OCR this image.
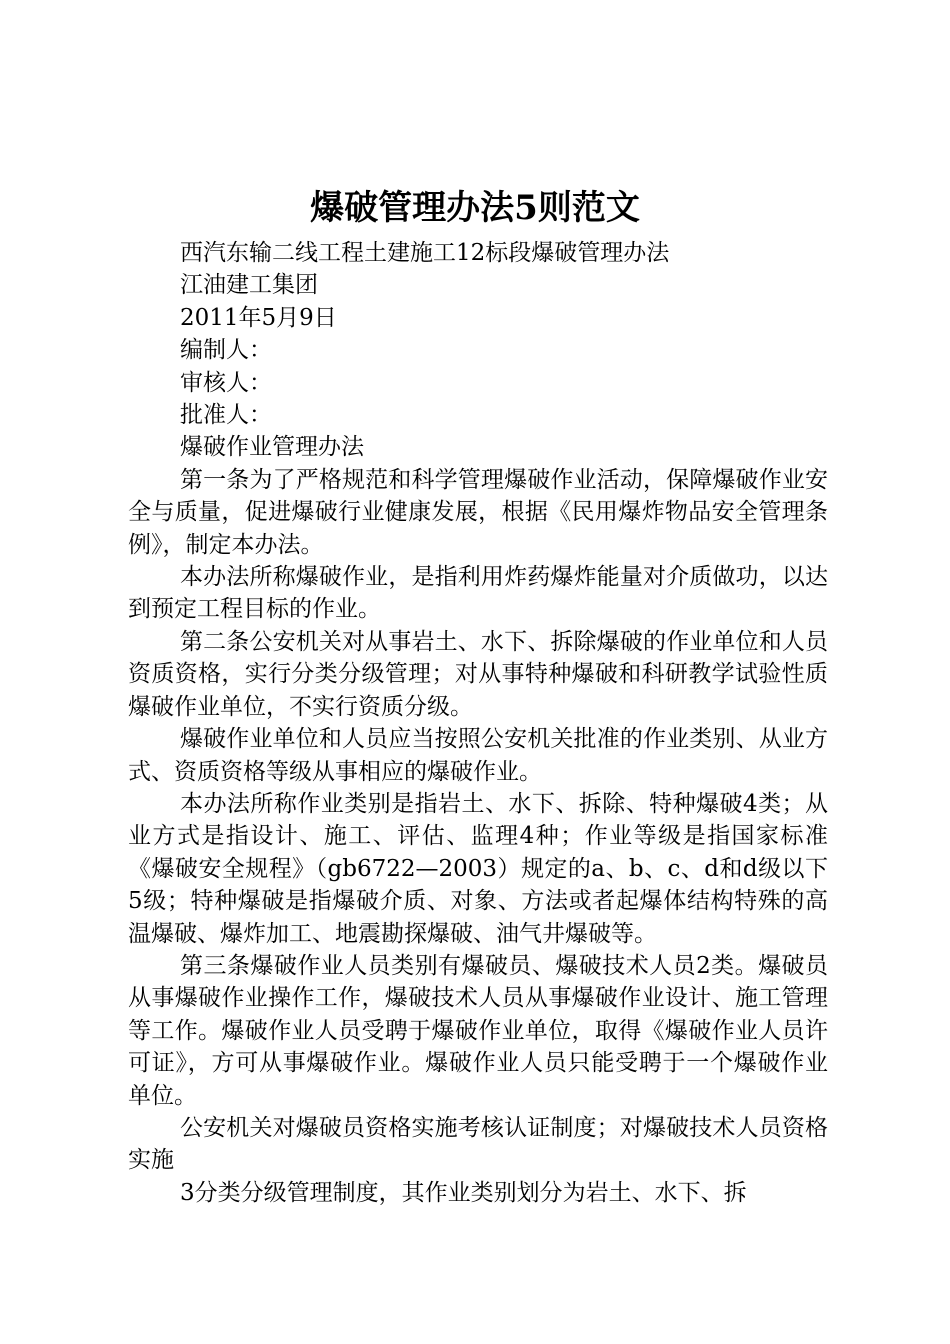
爆破管理办法5则范文

西汽东输二线工程土建施工12标段爆破管理办法

江油建工集团

2011年5月9日

编制人：

审核人：

批准人：

爆破作业管理办法

第一条为了严格规范和科学管理爆破作业活动，保障爆破作业安全与质量，促进爆破行业健康发展，根据《民用爆炸物品安全管理条例》，制定本办法。

本办法所称爆破作业，是指利用炸药爆炸能量对介质做功，以达到预定工程目标的作业。

第二条公安机关对从事岩土、水下、拆除爆破的作业单位和人员资质资格，实行分类分级管理；对从事特种爆破和科研教学试验性质爆破作业单位，不实行资质分级。

爆破作业单位和人员应当按照公安机关批准的作业类别、从业方式、资质资格等级从事相应的爆破作业。

本办法所称作业类别是指岩土、水下、拆除、特种爆破4类；从业方式是指设计、施工、评估、监理4种；作业等级是指国家标准《爆破安全规程》（gb6722—2003）规定的a、b、c、d和d级以下5级；特种爆破是指爆破介质、对象、方法或者起爆体结构特殊的高温爆破、爆炸加工、地震勘探爆破、油气井爆破等。

第三条爆破作业人员类别有爆破员、爆破技术人员2类。爆破员从事爆破作业操作工作，爆破技术人员从事爆破作业设计、施工管理等工作。爆破作业人员受聘于爆破作业单位，取得《爆破作业人员许可证》，方可从事爆破作业。爆破作业人员只能受聘于一个爆破作业单位。

公安机关对爆破员资格实施考核认证制度；对爆破技术人员资格实施

3分类分级管理制度，其作业类别划分为岩土、水下、拆
